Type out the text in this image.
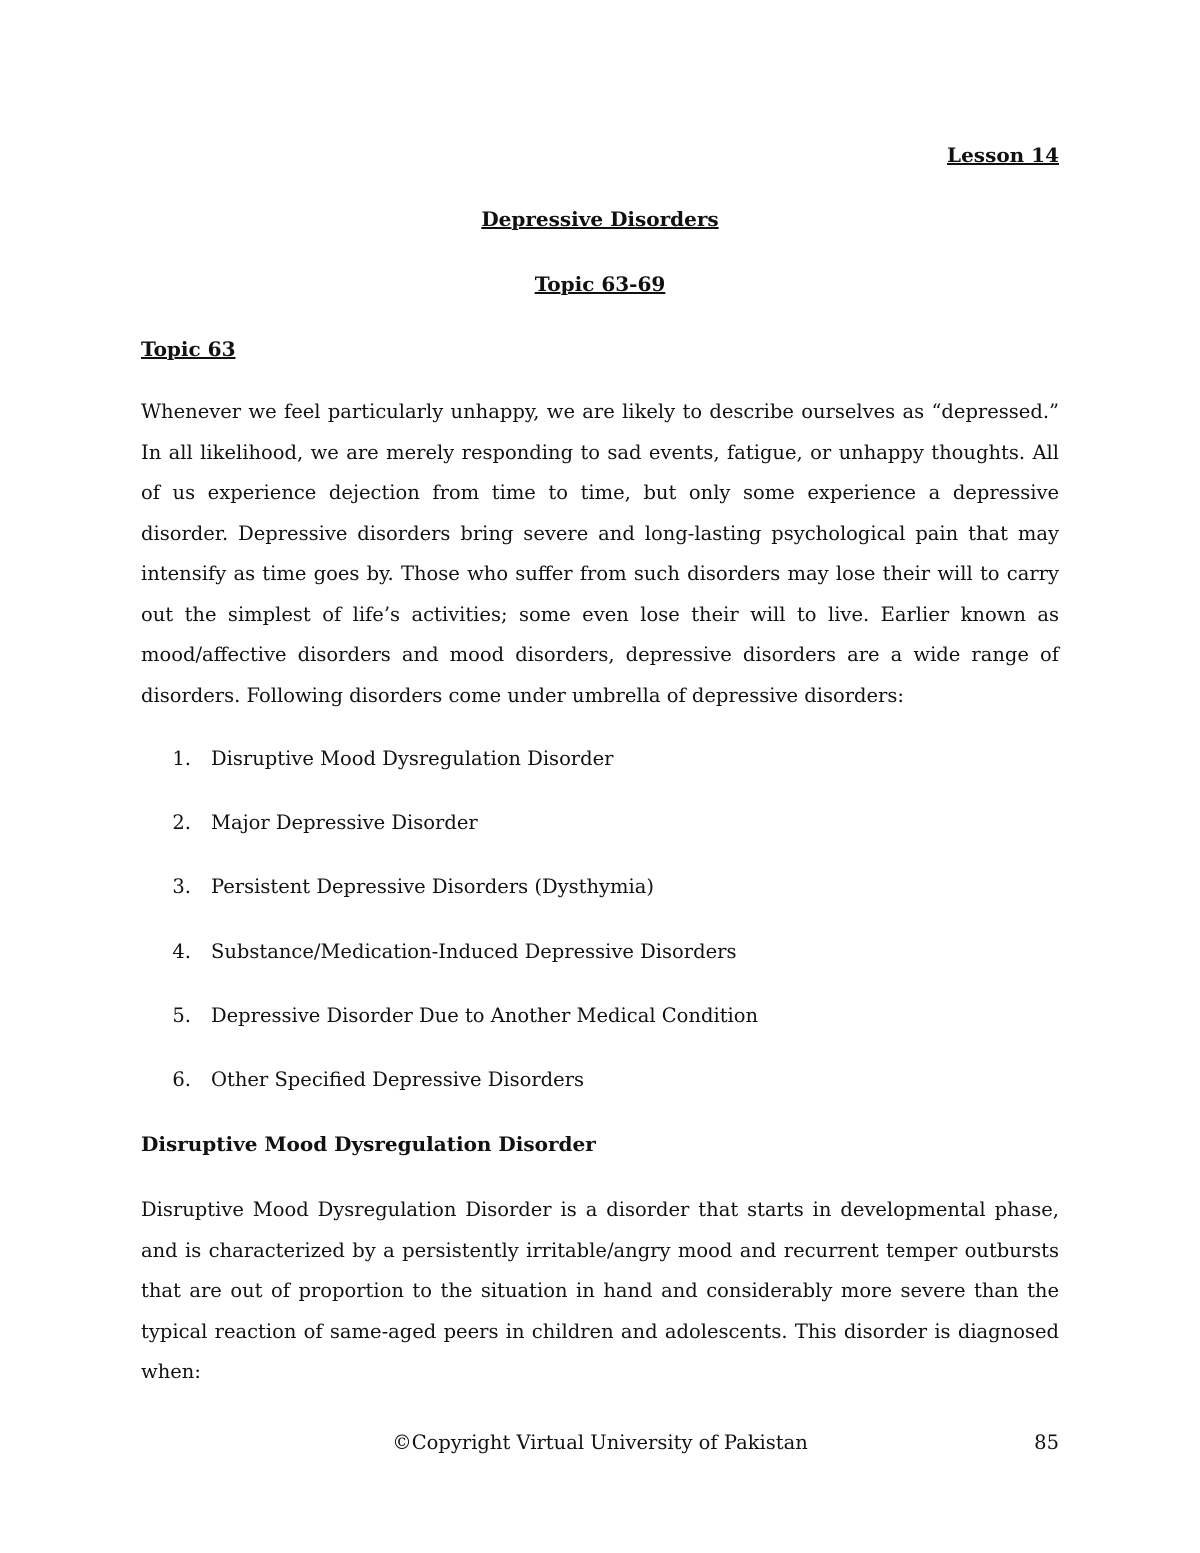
Lesson 14
Depressive Disorders
Topic 63-69
Topic 63

Whenever we feel particularly unhappy, we are likely to describe ourselves as “depressed.” In all likelihood, we are merely responding to sad events, fatigue, or unhappy thoughts. All of us experience dejection from time to time, but only some experience a depressive disorder. Depressive disorders bring severe and long-lasting psychological pain that may intensify as time goes by. Those who suffer from such disorders may lose their will to carry out the simplest of life’s activities; some even lose their will to live. Earlier known as mood/affective disorders and mood disorders, depressive disorders are a wide range of disorders. Following disorders come under umbrella of depressive disorders:

1.	Disruptive Mood Dysregulation Disorder
2.	Major Depressive Disorder
3.	Persistent Depressive Disorders (Dysthymia)
4.	Substance/Medication-Induced Depressive Disorders
5.	Depressive Disorder Due to Another Medical Condition
6.	Other Specified Depressive Disorders
Disruptive Mood Dysregulation Disorder

Disruptive Mood Dysregulation Disorder is a disorder that starts in developmental phase, and is characterized by a persistently irritable/angry mood and recurrent temper outbursts that are out of proportion to the situation in hand and considerably more severe than the typical reaction of same-aged peers in children and adolescents. This disorder is diagnosed when:

©Copyright Virtual University of Pakistan	85
